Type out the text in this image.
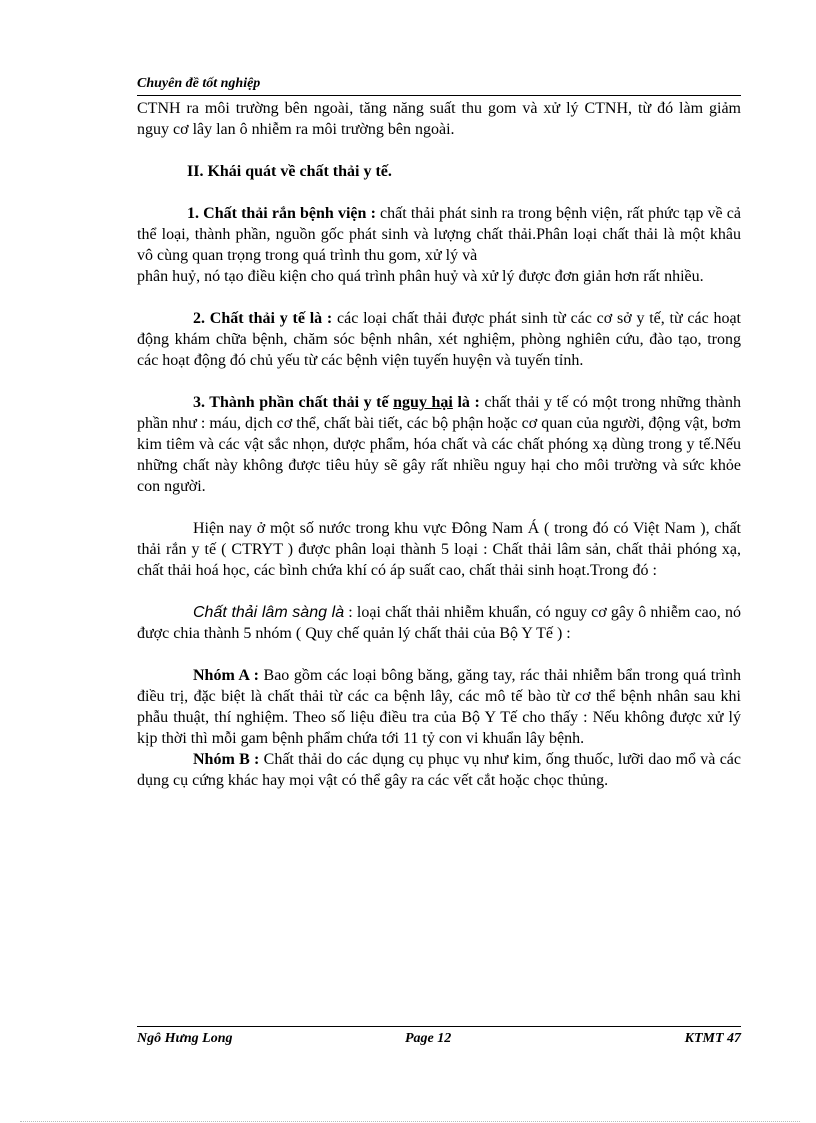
Chuyên đề tốt nghiệp

CTNH ra môi trường bên ngoài, tăng năng suất thu gom và xử lý CTNH, từ đó làm giảm nguy cơ lây lan ô nhiễm ra môi trường bên ngoài.

II. Khái quát về chất thải y tế.

1. Chất thải rắn bệnh viện : chất thải phát sinh ra trong bệnh viện, rất phức tạp về cả thể loại, thành phần, nguồn gốc phát sinh và lượng chất thải.Phân loại chất thải là một khâu vô cùng quan trọng trong quá trình thu gom, xử lý và

phân huỷ, nó tạo điều kiện cho quá trình phân huỷ và xử lý được đơn giản hơn rất nhiều.

2. Chất thải y tế là : các loại chất thải được phát sinh từ các cơ sở y tế, từ các hoạt động khám chữa bệnh, chăm sóc bệnh nhân, xét nghiệm, phòng nghiên cứu, đào tạo, trong các hoạt động đó chủ yếu từ các bệnh viện tuyến huyện và tuyến tỉnh.

3. Thành phần chất thải y tế nguy hại là : chất thải y tế có một trong những thành phần như : máu, dịch cơ thể, chất bài tiết, các bộ phận hoặc cơ quan của người, động vật, bơm kim tiêm và các vật sắc nhọn, dược phẩm, hóa chất và các chất phóng xạ dùng trong y tế.Nếu những chất này không được tiêu hủy sẽ gây rất nhiều nguy hại cho môi trường và sức khỏe con người.

Hiện nay ở một số nước trong khu vực Đông Nam Á ( trong đó có Việt Nam ), chất thải rắn y tế ( CTRYT ) được phân loại thành 5 loại : Chất thải lâm sản, chất thải phóng xạ, chất thải hoá học, các bình chứa khí có áp suất cao, chất thải sinh hoạt.Trong đó :

Chất thải lâm sàng là : loại chất thải nhiễm khuẩn, có nguy cơ gây ô nhiễm cao, nó được chia thành 5 nhóm ( Quy chế quản lý chất thải của Bộ Y Tế ) :

Nhóm A : Bao gồm các loại bông băng, găng tay, rác thải nhiễm bẩn trong quá trình điều trị, đặc biệt là chất thải từ các ca bệnh lây, các mô tế bào từ cơ thể bệnh nhân sau khi phẫu thuật, thí nghiệm. Theo số liệu điều tra của Bộ Y Tế cho thấy : Nếu không được xử lý kịp thời thì mỗi gam bệnh phẩm chứa tới 11 tỷ con vi khuẩn lây bệnh.

Nhóm B : Chất thải do các dụng cụ phục vụ như kim, ống thuốc, lưỡi dao mổ và các dụng cụ cứng khác hay mọi vật có thể gây ra các vết cắt hoặc chọc thủng.

Ngô Hưng Long	Page 12	KTMT 47
